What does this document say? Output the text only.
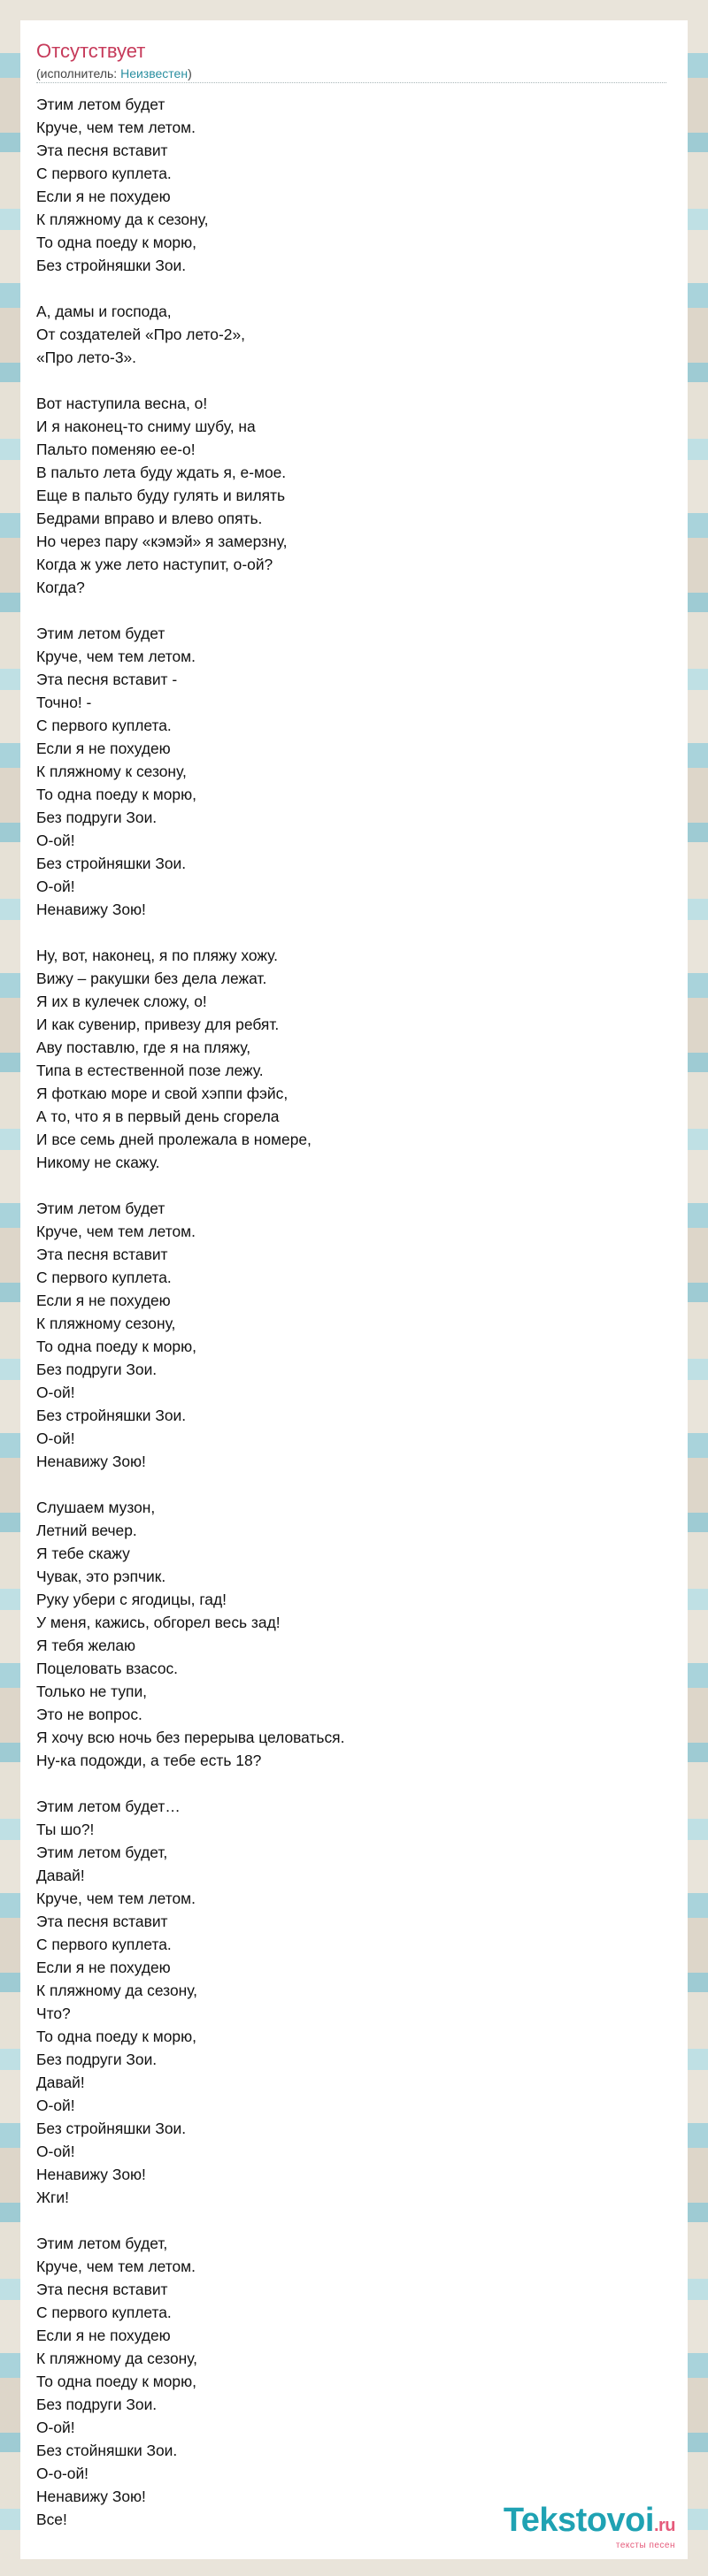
Отсутствует
(исполнитель: Неизвестен)
Этим летом будет
Круче, чем тем летом.
Эта песня вставит
С первого куплета.
Если я не похудею
К пляжному да к сезону,
То одна поеду к морю,
Без стройняшки Зои.
А, дамы и господа,
От создателей «Про лето-2»,
«Про лето-3».
Вот наступила весна, о!
И я наконец-то сниму шубу, на
Пальто поменяю ее-о!
В пальто лета буду ждать я, е-мое.
Еще в пальто буду гулять и вилять
Бедрами вправо и влево опять.
Но через пару «кэмэй» я замерзну,
Когда ж уже лето наступит, о-ой?
Когда?
Этим летом будет
Круче, чем тем летом.
Эта песня вставит -
Точно! -
С первого куплета.
Если я не похудею
К пляжному к сезону,
То одна поеду к морю,
Без подруги Зои.
О-ой!
Без стройняшки Зои.
О-ой!
Ненавижу Зою!
Ну, вот, наконец, я по пляжу хожу.
Вижу – ракушки без дела лежат.
Я их в кулечек сложу, о!
И как сувенир, привезу для ребят.
Аву поставлю, где я на пляжу,
Типа в естественной позе лежу.
Я фоткаю море и свой хэппи фэйс,
А то, что я в первый день сгорела
И все семь дней пролежала в номере,
Никому не скажу.
Этим летом будет
Круче, чем тем летом.
Эта песня вставит
С первого куплета.
Если я не похудею
К пляжному сезону,
То одна поеду к морю,
Без подруги Зои.
О-ой!
Без стройняшки Зои.
О-ой!
Ненавижу Зою!
Слушаем музон,
Летний вечер.
Я тебе скажу
Чувак, это рэпчик.
Руку убери с ягодицы, гад!
У меня, кажись, обгорел весь зад!
Я тебя желаю
Поцеловать взасос.
Только не тупи,
Это не вопрос.
Я хочу всю ночь без перерыва целоваться.
Ну-ка подожди, а тебе есть 18?
Этим летом будет…
Ты шо?!
Этим летом будет,
Давай!
Круче, чем тем летом.
Эта песня вставит
С первого куплета.
Если я не похудею
К пляжному да сезону,
Что?
То одна поеду к морю,
Без подруги Зои.
Давай!
О-ой!
Без стройняшки Зои.
О-ой!
Ненавижу Зою!
Жги!
Этим летом будет,
Круче, чем тем летом.
Эта песня вставит
С первого куплета.
Если я не похудею
К пляжному да сезону,
То одна поеду к морю,
Без подруги Зои.
О-ой!
Без стойняшки Зои.
О-о-ой!
Ненавижу Зою!
Все!	Tekstovoi.ru
тексты песен
